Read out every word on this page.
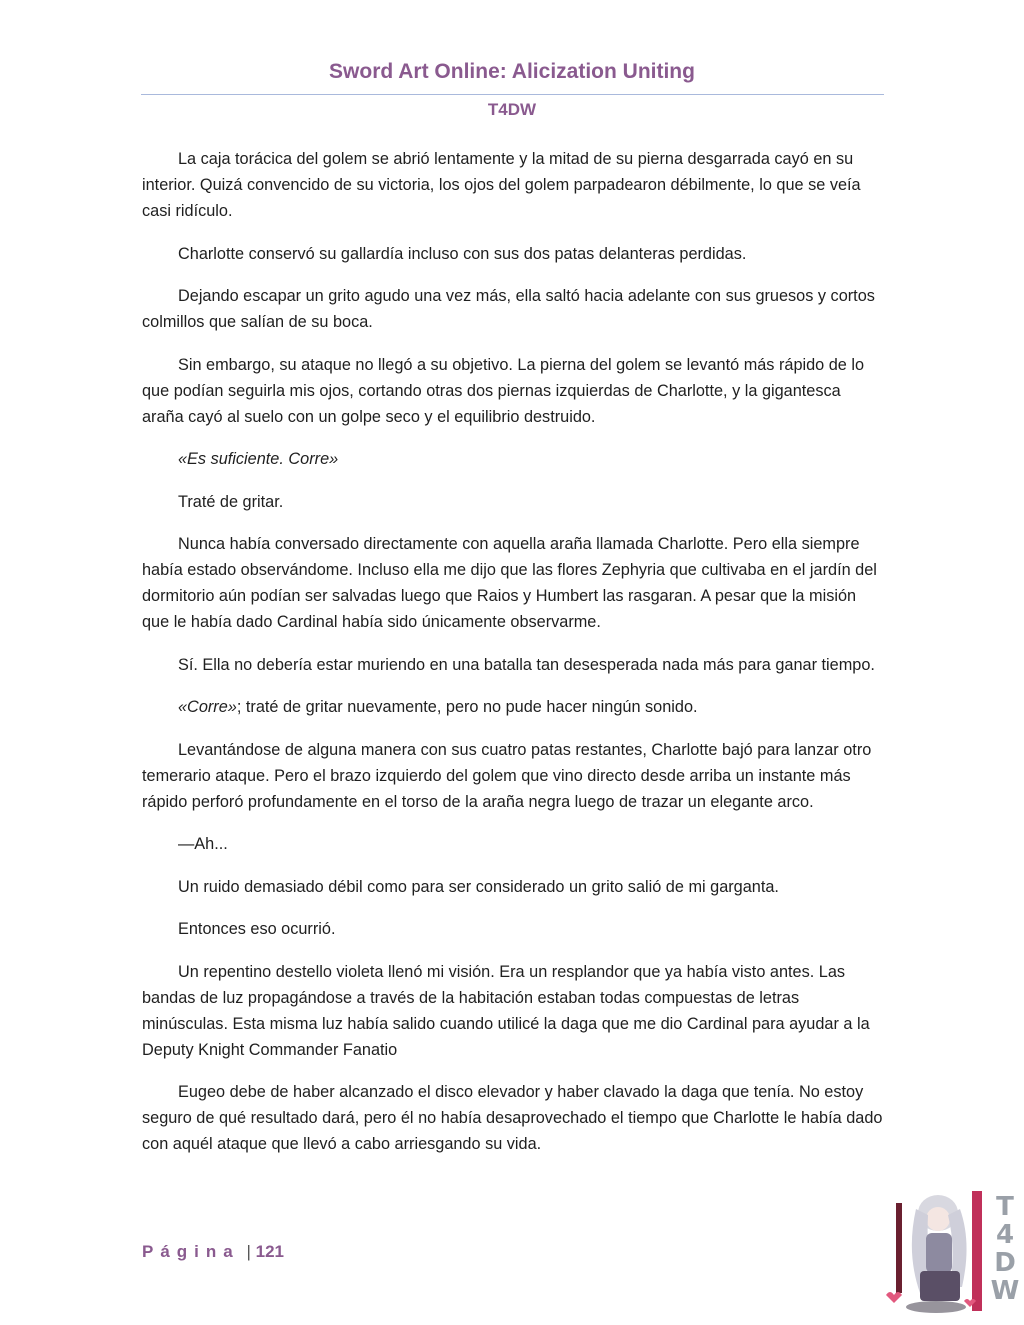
Sword Art Online: Alicization Uniting
T4DW

La caja torácica del golem se abrió lentamente y la mitad de su pierna desgarrada cayó en su interior. Quizá convencido de su victoria, los ojos del golem parpadearon débilmente, lo que se veía casi ridículo.

Charlotte conservó su gallardía incluso con sus dos patas delanteras perdidas.

Dejando escapar un grito agudo una vez más, ella saltó hacia adelante con sus gruesos y cortos colmillos que salían de su boca.

Sin embargo, su ataque no llegó a su objetivo. La pierna del golem se levantó más rápido de lo que podían seguirla mis ojos, cortando otras dos piernas izquierdas de Charlotte, y la gigantesca araña cayó al suelo con un golpe seco y el equilibrio destruido.

«Es suficiente. Corre»

Traté de gritar.

Nunca había conversado directamente con aquella araña llamada Charlotte. Pero ella siempre había estado observándome. Incluso ella me dijo que las flores Zephyria que cultivaba en el jardín del dormitorio aún podían ser salvadas luego que Raios y Humbert las rasgaran. A pesar que la misión que le había dado Cardinal había sido únicamente observarme.

Sí. Ella no debería estar muriendo en una batalla tan desesperada nada más para ganar tiempo.

«Corre»; traté de gritar nuevamente, pero no pude hacer ningún sonido.

Levantándose de alguna manera con sus cuatro patas restantes, Charlotte bajó para lanzar otro temerario ataque. Pero el brazo izquierdo del golem que vino directo desde arriba un instante más rápido perforó profundamente en el torso de la araña negra luego de trazar un elegante arco.

—Ah...

Un ruido demasiado débil como para ser considerado un grito salió de mi garganta.

Entonces eso ocurrió.

Un repentino destello violeta llenó mi visión. Era un resplandor que ya había visto antes. Las bandas de luz propagándose a través de la habitación estaban todas compuestas de letras minúsculas. Esta misma luz había salido cuando utilicé la daga que me dio Cardinal para ayudar a la Deputy Knight Commander Fanatio

Eugeo debe de haber alcanzado el disco elevador y haber clavado la daga que tenía. No estoy seguro de qué resultado dará, pero él no había desaprovechado el tiempo que Charlotte le había dado con aquél ataque que llevó a cabo arriesgando su vida.

Página | 121
T
4
D
W
